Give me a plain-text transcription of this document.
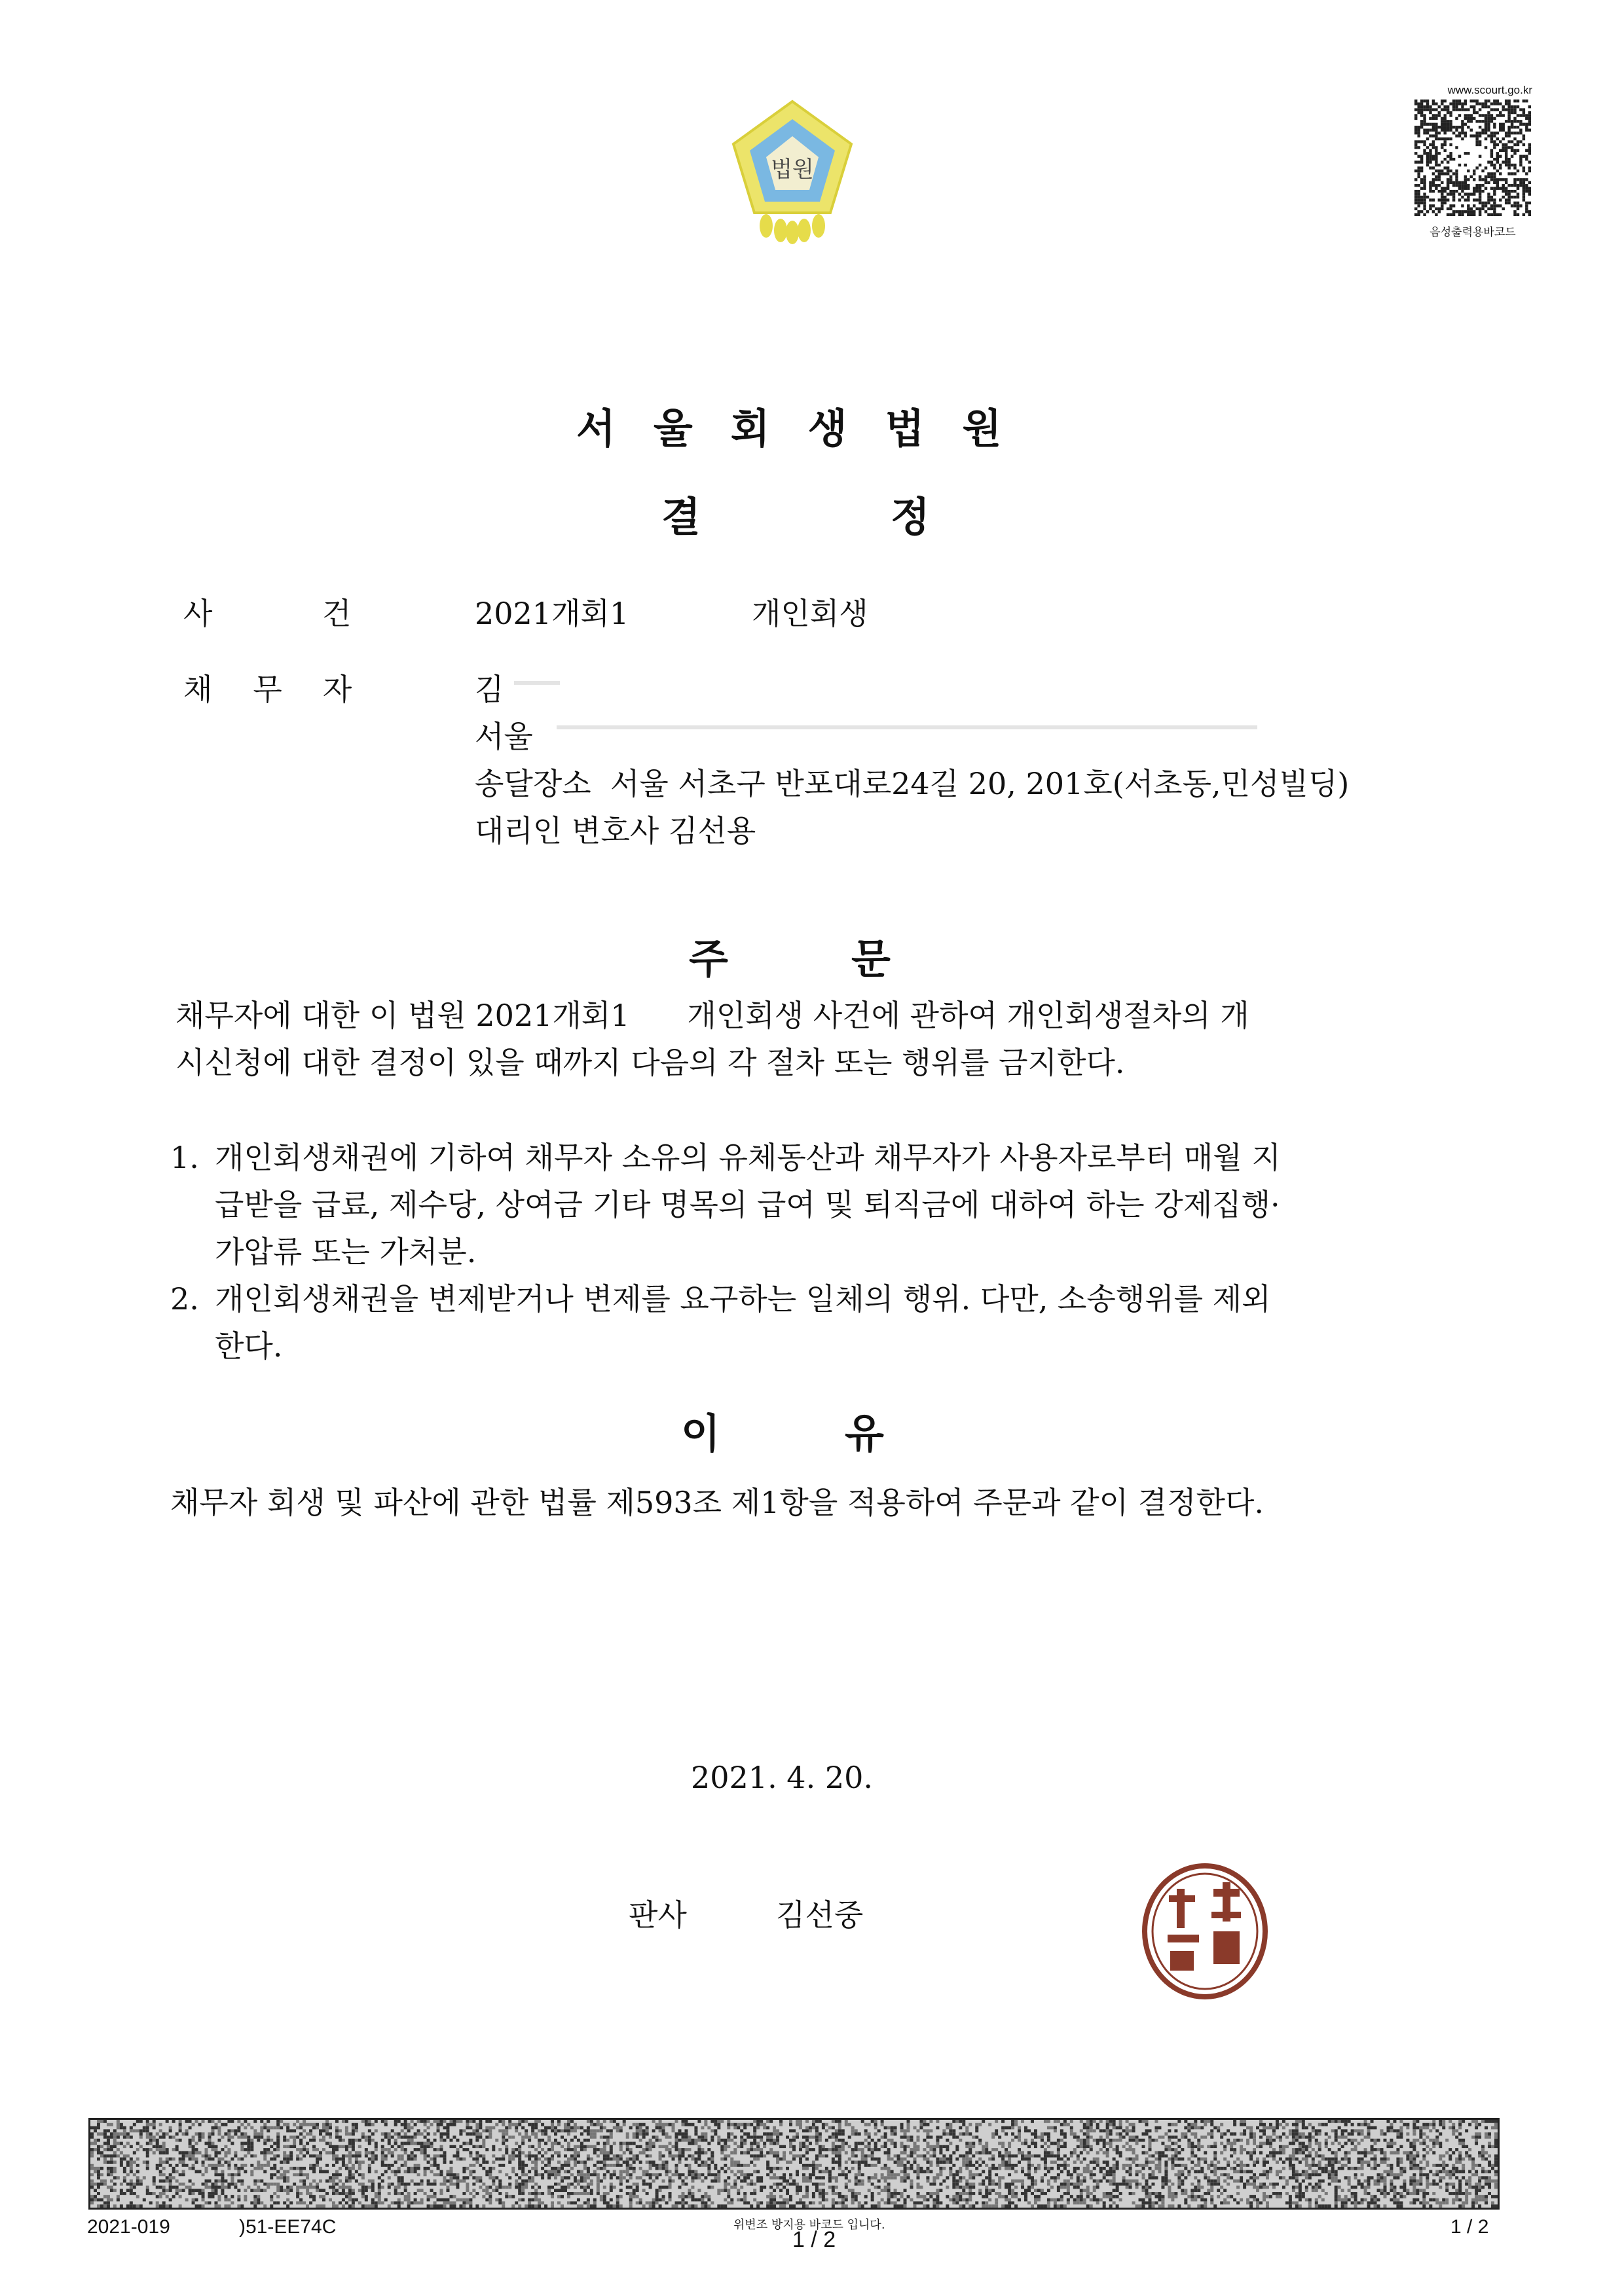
법원
www.scourt.go.kr
음성출력용바코드
서울회생법원
결	정
사	건	2021개회1	개인회생
채무자	김
서울
송달장소  서울 서초구 반포대로24길 20, 201호(서초동,민성빌딩)
대리인 변호사 김선용
주	문
채무자에 대한 이 법원 2021개회1      개인회생 사건에 관하여 개인회생절차의 개
시신청에 대한 결정이 있을 때까지 다음의 각 절차 또는 행위를 금지한다.
1. 개인회생채권에 기하여 채무자 소유의 유체동산과 채무자가 사용자로부터 매월 지
급받을 급료, 제수당, 상여금 기타 명목의 급여 및 퇴직금에 대하여 하는 강제집행·
가압류 또는 가처분.
2. 개인회생채권을 변제받거나 변제를 요구하는 일체의 행위. 다만, 소송행위를 제외
한다.
이	유
채무자 회생 및 파산에 관한 법률 제593조 제1항을 적용하여 주문과 같이 결정한다.
2021. 4. 20.
판사	김선중
2021-019	)51-EE74C	위변조 방지용 바코드 입니다.
1 / 2
1 / 2
